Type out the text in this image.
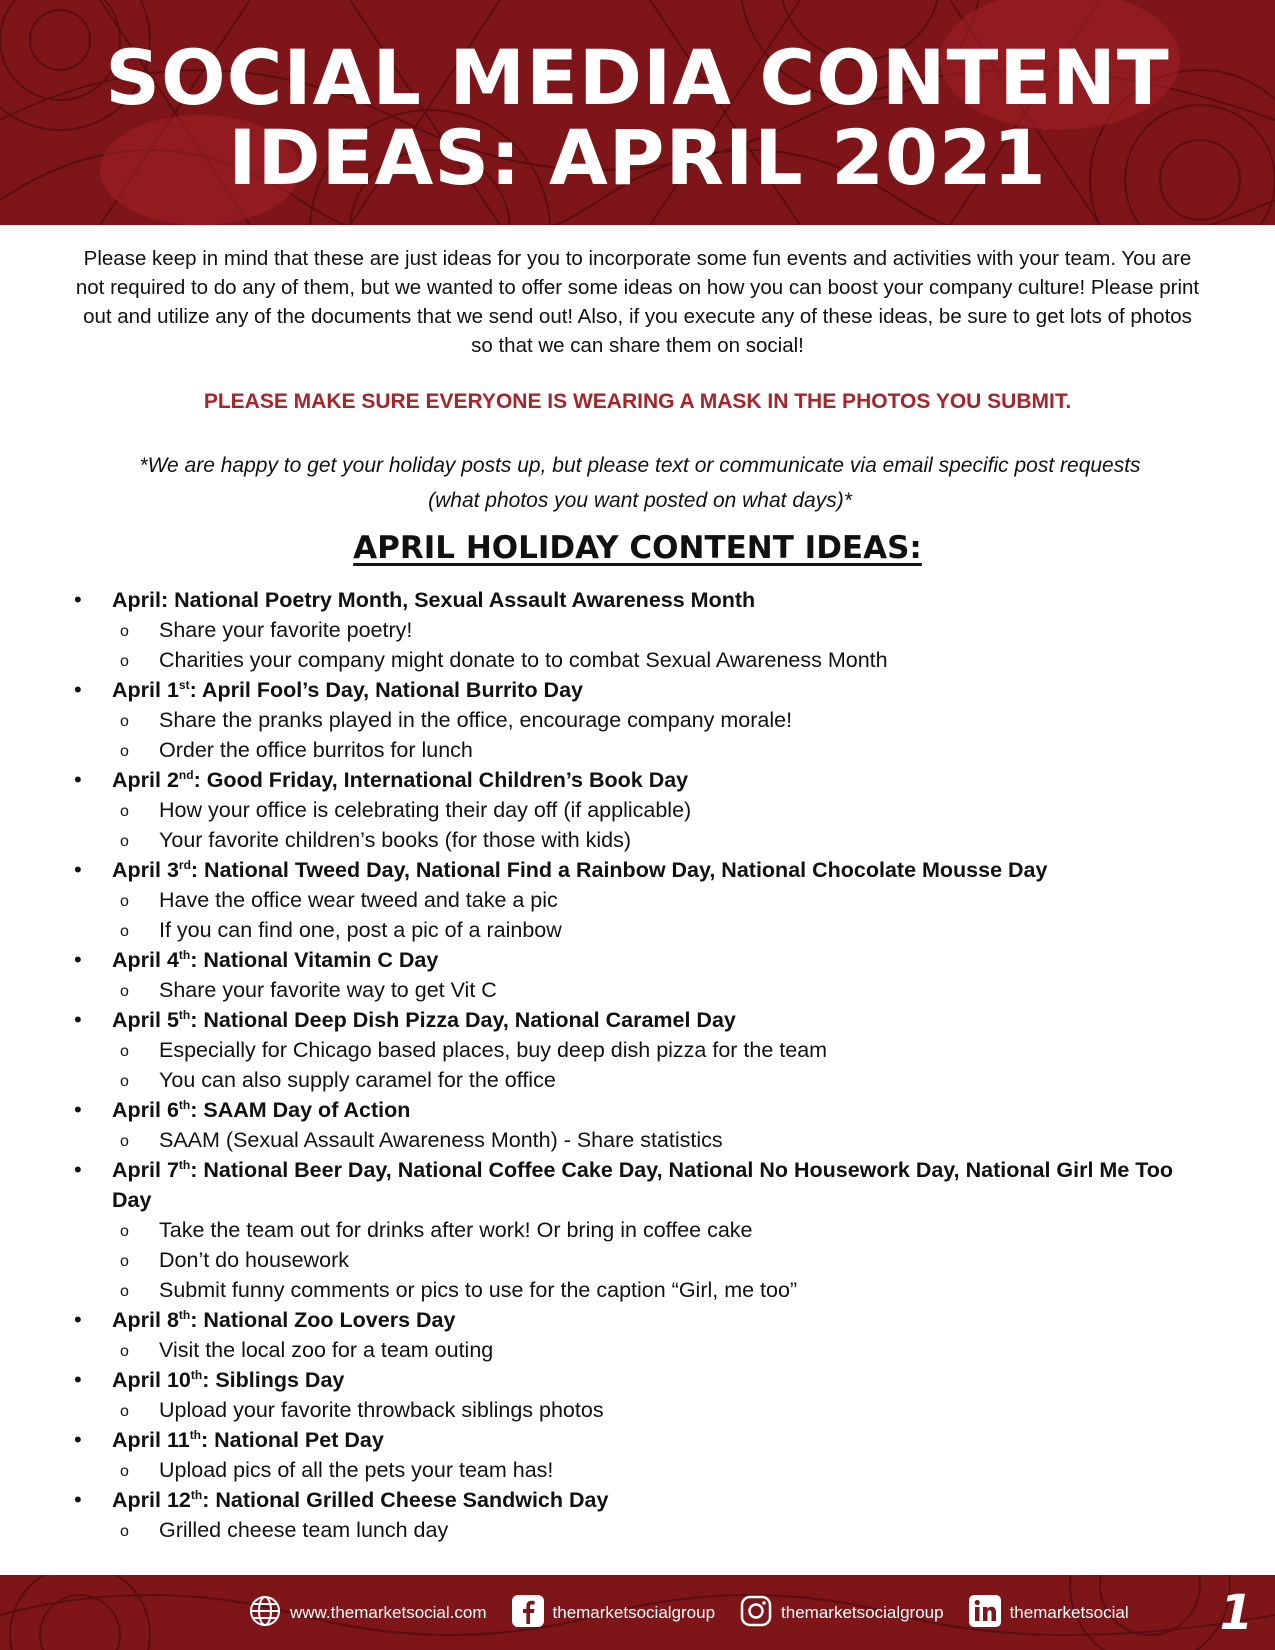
SOCIAL MEDIA CONTENT
IDEAS: APRIL 2021
Please keep in mind that these are just ideas for you to incorporate some fun events and activities with your team. You are not required to do any of them, but we wanted to offer some ideas on how you can boost your company culture! Please print out and utilize any of the documents that we send out! Also, if you execute any of these ideas, be sure to get lots of photos so that we can share them on social!
PLEASE MAKE SURE EVERYONE IS WEARING A MASK IN THE PHOTOS YOU SUBMIT.
*We are happy to get your holiday posts up, but please text or communicate via email specific post requests
(what photos you want posted on what days)*
APRIL HOLIDAY CONTENT IDEAS:
• April: National Poetry Month, Sexual Assault Awareness Month
o Share your favorite poetry!
o Charities your company might donate to to combat Sexual Awareness Month
• April 1st: April Fool’s Day, National Burrito Day
o Share the pranks played in the office, encourage company morale!
o Order the office burritos for lunch
• April 2nd: Good Friday, International Children’s Book Day
o How your office is celebrating their day off (if applicable)
o Your favorite children’s books (for those with kids)
• April 3rd: National Tweed Day, National Find a Rainbow Day, National Chocolate Mousse Day
o Have the office wear tweed and take a pic
o If you can find one, post a pic of a rainbow
• April 4th: National Vitamin C Day
o Share your favorite way to get Vit C
• April 5th: National Deep Dish Pizza Day, National Caramel Day
o Especially for Chicago based places, buy deep dish pizza for the team
o You can also supply caramel for the office
• April 6th: SAAM Day of Action
o SAAM (Sexual Assault Awareness Month) - Share statistics
• April 7th: National Beer Day, National Coffee Cake Day, National No Housework Day, National Girl Me Too Day
o Take the team out for drinks after work! Or bring in coffee cake
o Don’t do housework
o Submit funny comments or pics to use for the caption “Girl, me too”
• April 8th: National Zoo Lovers Day
o Visit the local zoo for a team outing
• April 10th: Siblings Day
o Upload your favorite throwback siblings photos
• April 11th: National Pet Day
o Upload pics of all the pets your team has!
• April 12th: National Grilled Cheese Sandwich Day
o Grilled cheese team lunch day
www.themarketsocial.com	themarketsocialgroup	themarketsocialgroup	themarketsocial 1
